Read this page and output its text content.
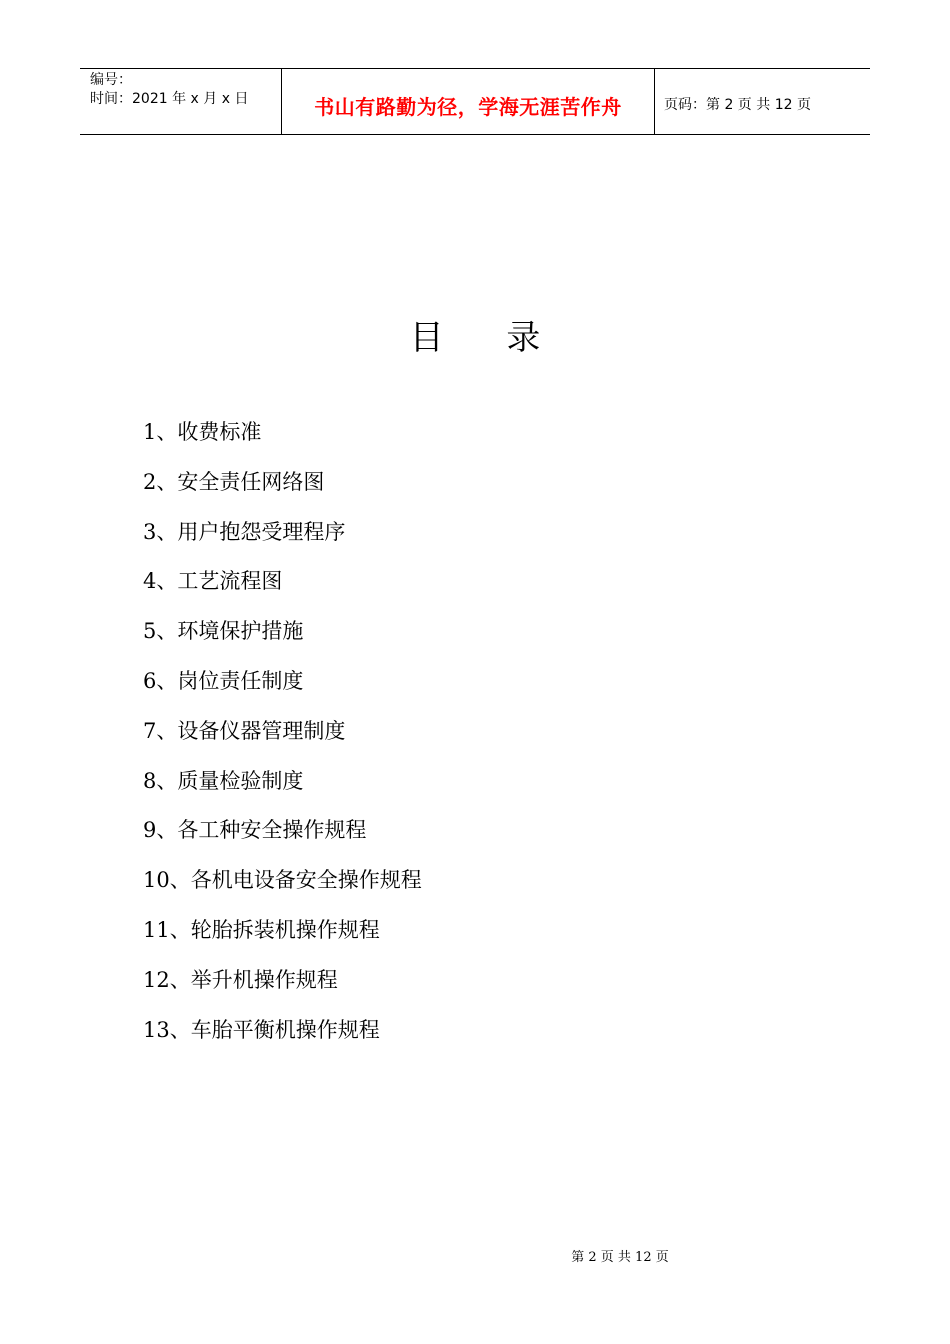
编号：
时间：2021 年 x 月 x 日	书山有路勤为径，学海无涯苦作舟	页码：第 2 页 共 12 页
目 录
1、收费标准
2、安全责任网络图
3、用户抱怨受理程序
4、工艺流程图
5、环境保护措施
6、岗位责任制度
7、设备仪器管理制度
8、质量检验制度
9、各工种安全操作规程
10、各机电设备安全操作规程
11、轮胎拆装机操作规程
12、举升机操作规程
13、车胎平衡机操作规程
第 2 页 共 12 页
